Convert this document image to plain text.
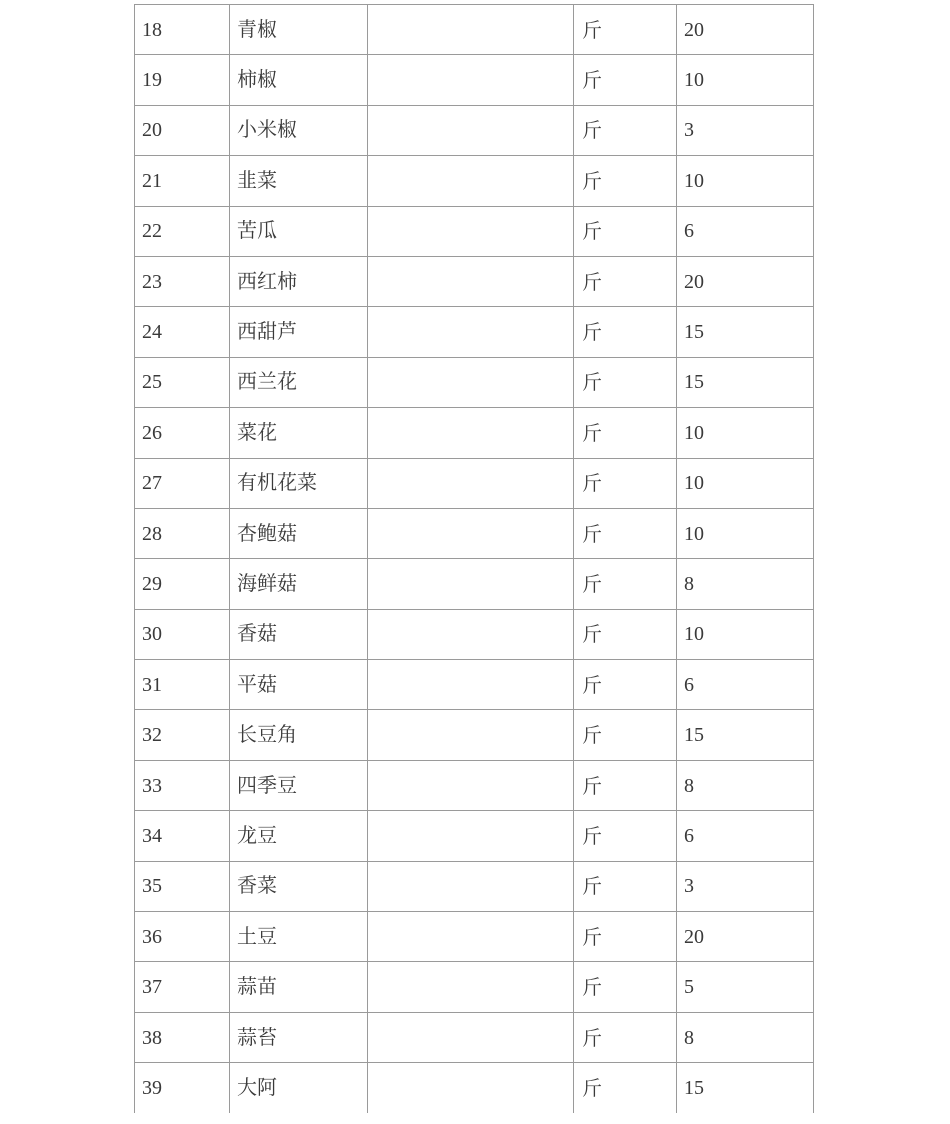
18	青椒		斤	20
19	柿椒		斤	10
20	小米椒		斤	3
21	韭菜		斤	10
22	苦瓜		斤	6
23	西红柿		斤	20
24	西甜芦		斤	15
25	西兰花		斤	15
26	菜花		斤	10
27	有机花菜		斤	10
28	杏鲍菇		斤	10
29	海鲜菇		斤	8
30	香菇		斤	10
31	平菇		斤	6
32	长豆角		斤	15
33	四季豆		斤	8
34	龙豆		斤	6
35	香菜		斤	3
36	土豆		斤	20
37	蒜苗		斤	5
38	蒜苔		斤	8
39	大阿		斤	15
